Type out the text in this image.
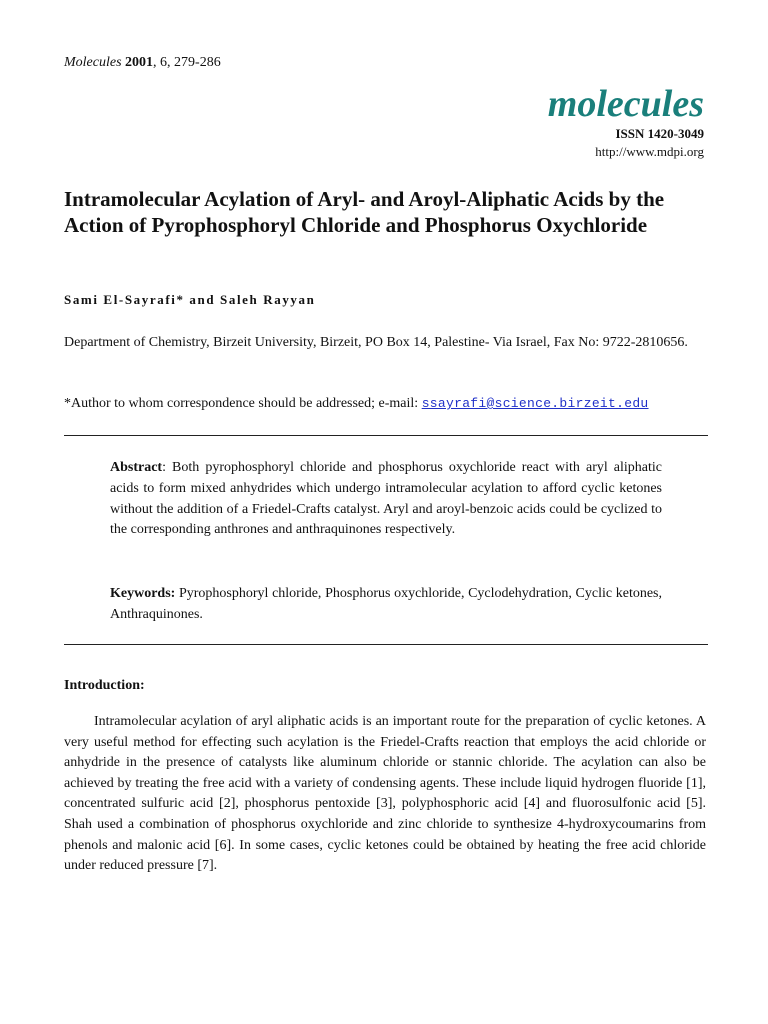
Molecules 2001, 6, 279-286
molecules
ISSN 1420-3049
http://www.mdpi.org
Intramolecular Acylation of Aryl- and Aroyl-Aliphatic Acids by the Action of Pyrophosphoryl Chloride and Phosphorus Oxychloride
Sami El-Sayrafi* and Saleh Rayyan
Department of Chemistry, Birzeit University, Birzeit, PO Box 14, Palestine- Via Israel, Fax No: 9722-2810656.
*Author to whom correspondence should be addressed; e-mail: ssayrafi@science.birzeit.edu
Abstract: Both pyrophosphoryl chloride and phosphorus oxychloride react with aryl aliphatic acids to form mixed anhydrides which undergo intramolecular acylation to afford cyclic ketones without the addition of a Friedel-Crafts catalyst. Aryl and aroyl-benzoic acids could be cyclized to the corresponding anthrones and anthraquinones respectively.
Keywords: Pyrophosphoryl chloride, Phosphorus oxychloride, Cyclodehydration, Cyclic ketones, Anthraquinones.
Introduction:
Intramolecular acylation of aryl aliphatic acids is an important route for the preparation of cyclic ketones. A very useful method for effecting such acylation is the Friedel-Crafts reaction that employs the acid chloride or anhydride in the presence of catalysts like aluminum chloride or stannic chloride. The acylation can also be achieved by treating the free acid with a variety of condensing agents. These include liquid hydrogen fluoride [1], concentrated sulfuric acid [2], phosphorus pentoxide [3], polyphosphoric acid [4] and fluorosulfonic acid [5]. Shah used a combination of phosphorus oxychloride and zinc chloride to synthesize 4-hydroxycoumarins from phenols and malonic acid [6]. In some cases, cyclic ketones could be obtained by heating the free acid chloride under reduced pressure [7].
